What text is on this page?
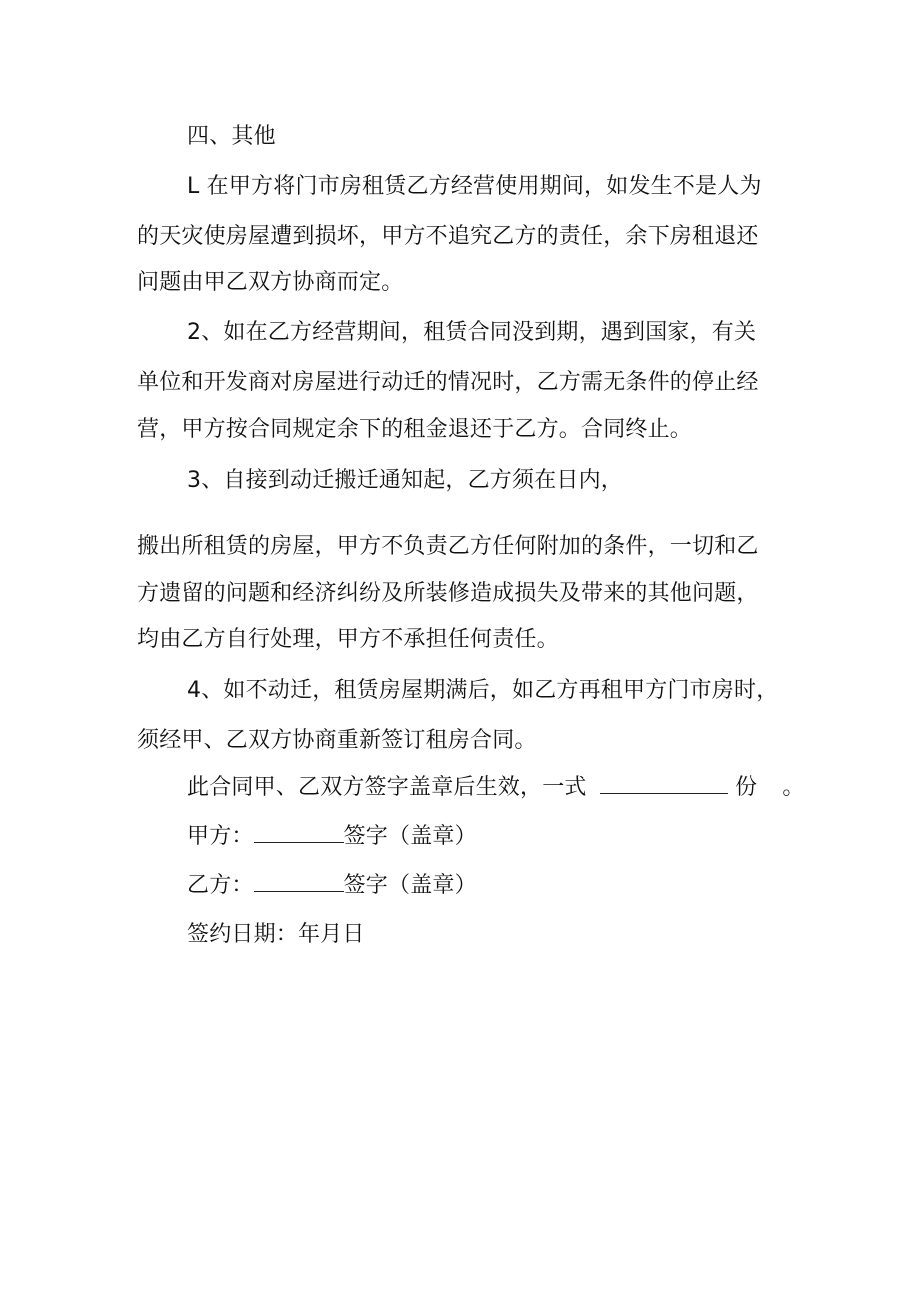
四、其他
L 在甲方将门市房租赁乙方经营使用期间，如发生不是人为
的天灾使房屋遭到损坏，甲方不追究乙方的责任，余下房租退还
问题由甲乙双方协商而定。
2、如在乙方经营期间，租赁合同没到期，遇到国家，有关
单位和开发商对房屋进行动迁的情况时，乙方需无条件的停止经
营，甲方按合同规定余下的租金退还于乙方。合同终止。
3、自接到动迁搬迁通知起，乙方须在日内，
搬出所租赁的房屋，甲方不负责乙方任何附加的条件，一切和乙
方遗留的问题和经济纠纷及所装修造成损失及带来的其他问题，
均由乙方自行处理，甲方不承担任何责任。
4、如不动迁，租赁房屋期满后，如乙方再租甲方门市房时，
须经甲、乙双方协商重新签订租房合同。
此合同甲、乙双方签字盖章后生效，一式	份 。
甲方：	签字（盖章）
乙方：	签字（盖章）
签约日期：年月日
